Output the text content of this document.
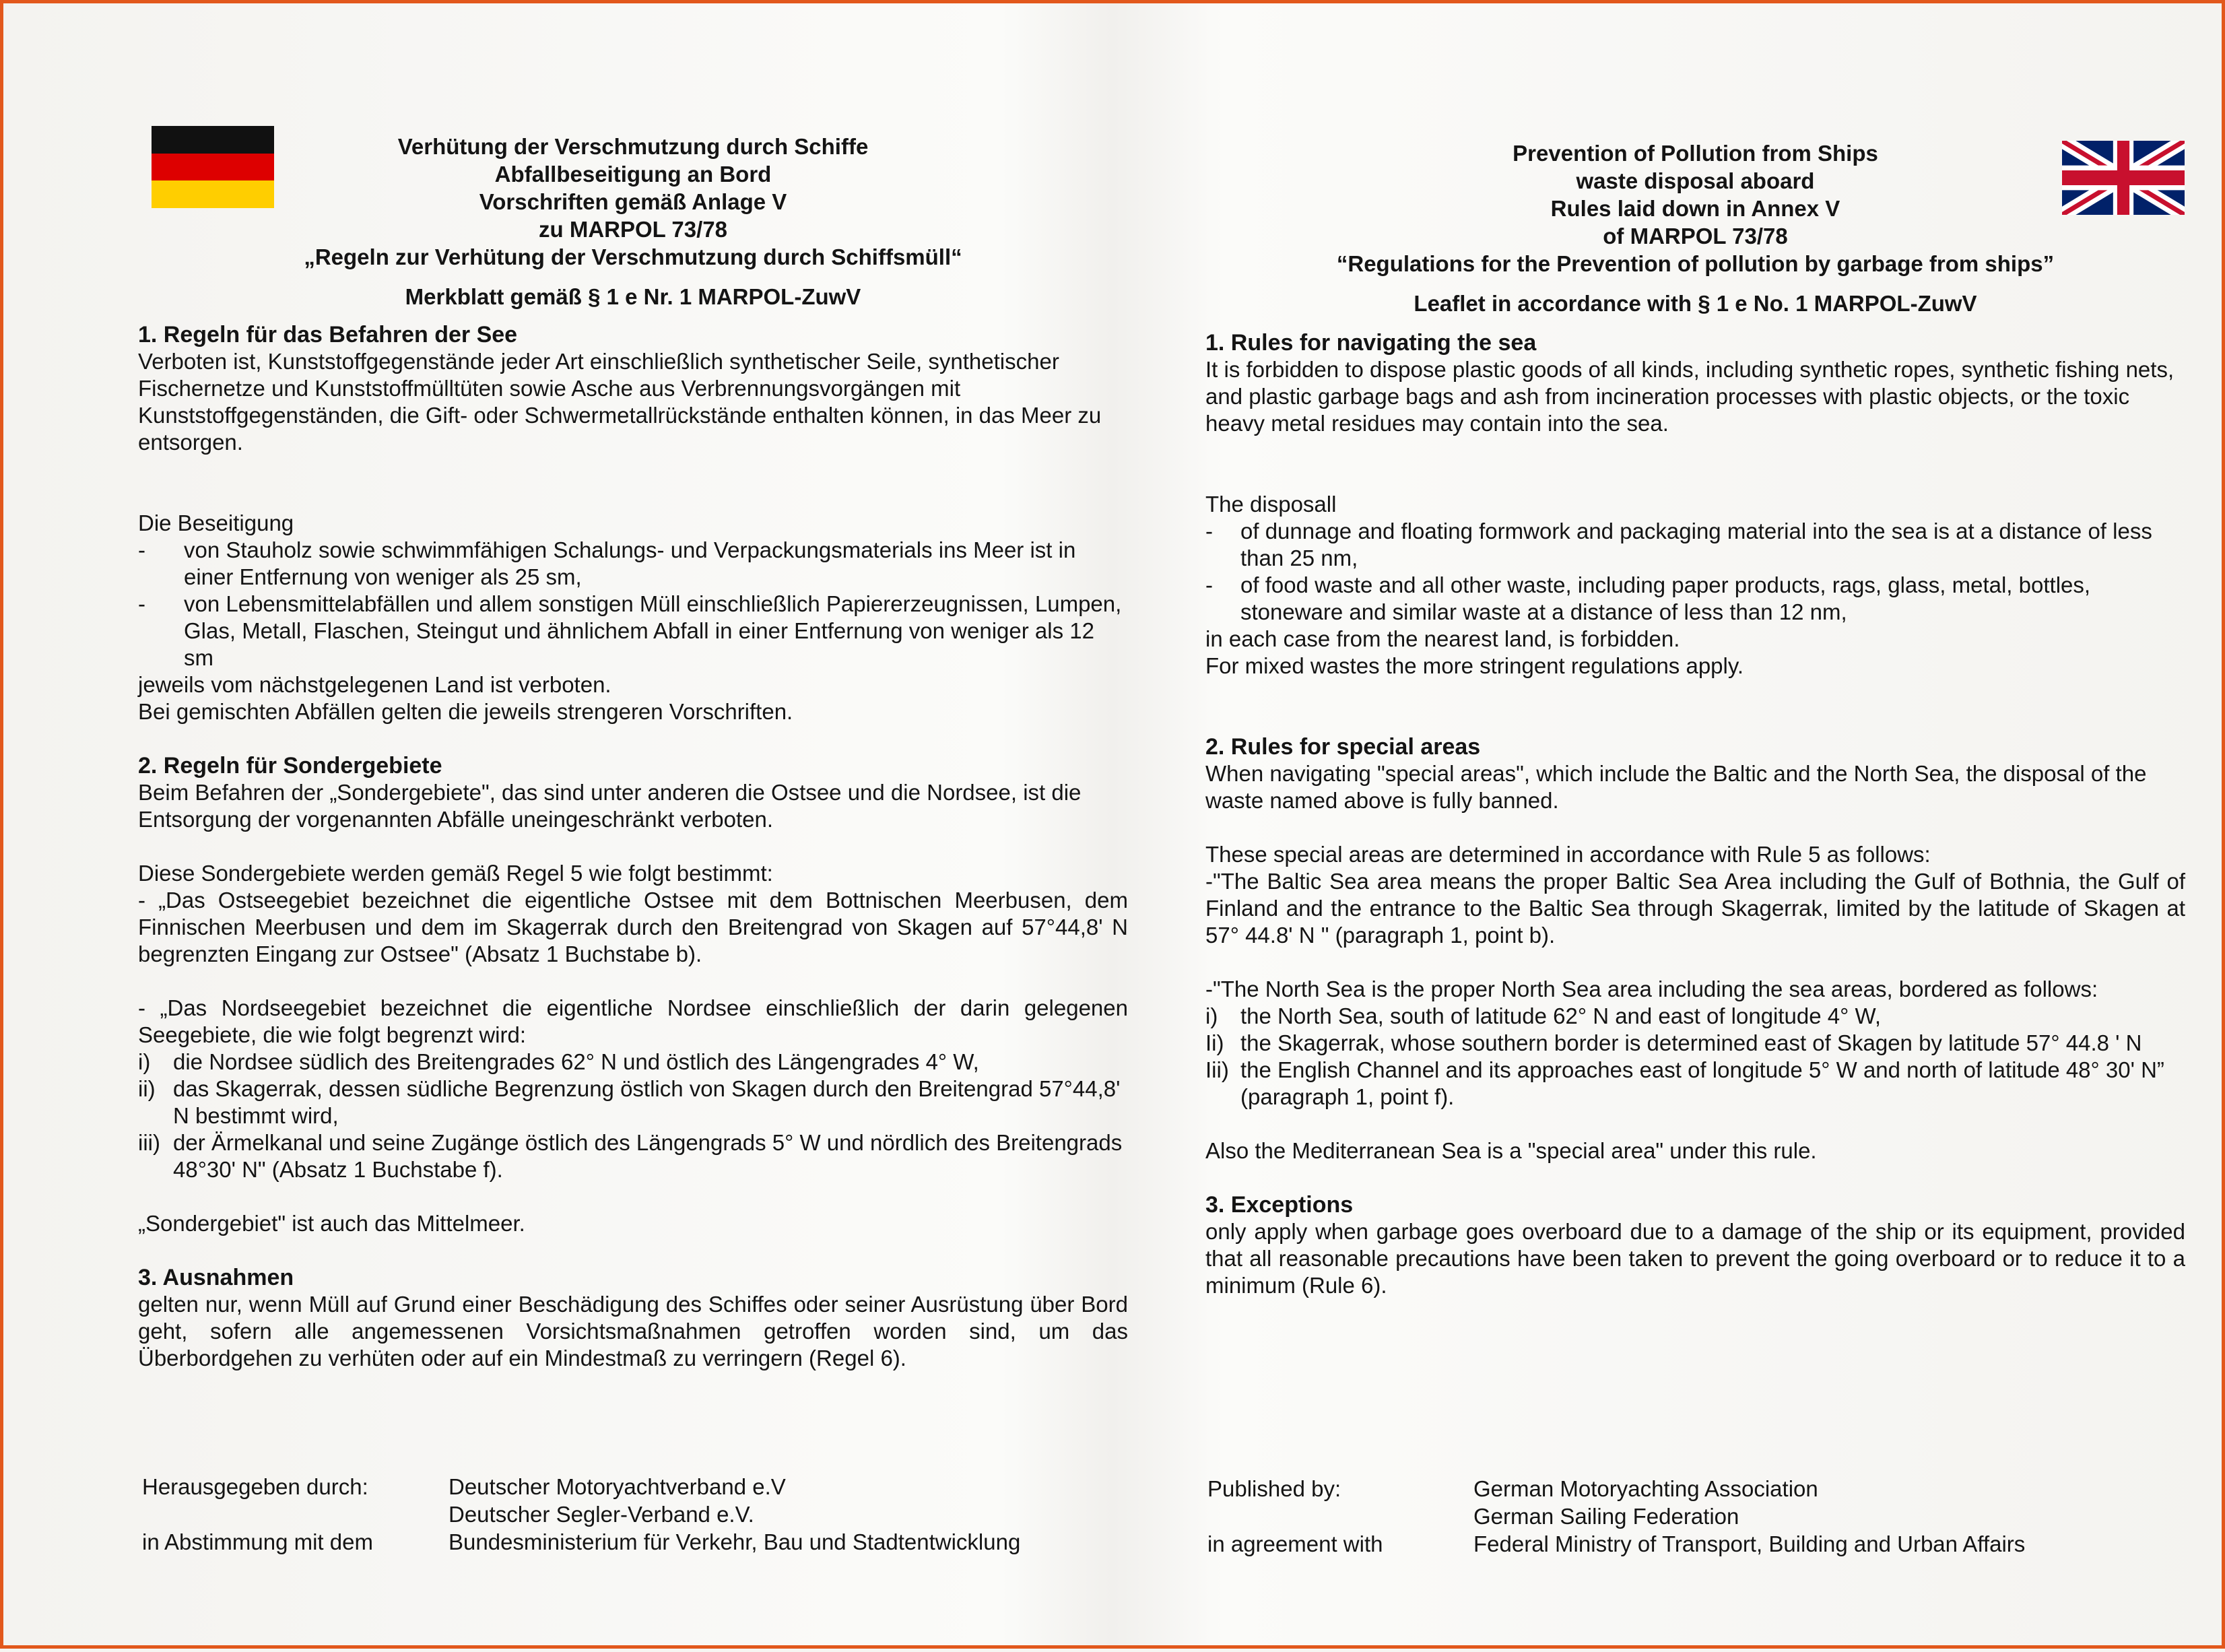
Verhütung der Verschmutzung durch Schiffe

Abfallbeseitigung an Bord

Vorschriften gemäß Anlage V

zu MARPOL 73/78

„Regeln zur Verhütung der Verschmutzung durch Schiffsmüll“

Merkblatt gemäß § 1 e Nr. 1 MARPOL-ZuwV

1. Regeln für das Befahren der See

Verboten ist, Kunststoffgegenstände jeder Art einschließlich synthetischer Seile, synthetischer Fischernetze und Kunststoffmülltüten sowie Asche aus Verbrennungsvorgängen mit Kunststoffgegenständen, die Gift- oder Schwermetallrückstände enthalten können, in das Meer zu entsorgen.

Die Beseitigung

-	von Stauholz sowie schwimmfähigen Schalungs- und Verpackungsmaterials ins Meer ist in einer Entfernung von weniger als 25 sm,
-	von Lebensmittelabfällen und allem sonstigen Müll einschließlich Papiererzeugnissen, Lumpen, Glas, Metall, Flaschen, Steingut und ähnlichem Abfall in einer Entfernung von weniger als 12 sm

jeweils vom nächstgelegenen Land ist verboten.

Bei gemischten Abfällen gelten die jeweils strengeren Vorschriften.

2. Regeln für Sondergebiete

Beim Befahren der „Sondergebiete", das sind unter anderen die Ostsee und die Nordsee, ist die Entsorgung der vorgenannten Abfälle uneingeschränkt verboten.

Diese Sondergebiete werden gemäß Regel 5 wie folgt bestimmt:

- „Das Ostseegebiet bezeichnet die eigentliche Ostsee mit dem Bottnischen Meerbusen, dem Finnischen Meerbusen und dem im Skagerrak durch den Breitengrad von Skagen auf 57°44,8' N begrenzten Eingang zur Ostsee" (Absatz 1 Buchstabe b).

- „Das Nordseegebiet bezeichnet die eigentliche Nordsee einschließlich der darin gelegenen Seegebiete, die wie folgt begrenzt wird:

i)	die Nordsee südlich des Breitengrades 62° N und östlich des Längengrades 4° W,
ii) das Skagerrak, dessen südliche Begrenzung östlich von Skagen durch den Breitengrad 57°44,8' N bestimmt wird,
iii) der Ärmelkanal und seine Zugänge östlich des Längengrads 5° W und nördlich des Breitengrads 48°30' N" (Absatz 1 Buchstabe f).

„Sondergebiet" ist auch das Mittelmeer.

3. Ausnahmen

gelten nur, wenn Müll auf Grund einer Beschädigung des Schiffes oder seiner Ausrüstung über Bord geht, sofern alle angemessenen Vorsichtsmaßnahmen getroffen worden sind, um das Überbordgehen zu verhüten oder auf ein Mindestmaß zu verringern (Regel 6).

Herausgegeben durch:	Deutscher Motoryachtverband e.V
Deutscher Segler-Verband e.V.
in Abstimmung mit dem	Bundesministerium für Verkehr, Bau und Stadtentwicklung

Prevention of Pollution from Ships

waste disposal aboard

Rules laid down in Annex V

of MARPOL 73/78

“Regulations for the Prevention of pollution by garbage from ships”

Leaflet in accordance with § 1 e No. 1 MARPOL-ZuwV

1. Rules for navigating the sea

It is forbidden to dispose plastic goods of all kinds, including synthetic ropes, synthetic fishing nets, and plastic garbage bags and ash from incineration processes with plastic objects, or the toxic heavy metal residues may contain into the sea.

The disposall

-	of dunnage and floating formwork and packaging material into the sea is at a distance of less than 25 nm,
-	of food waste and all other waste, including paper products, rags, glass, metal, bottles, stoneware and similar waste at a distance of less than 12 nm,

in each case from the nearest land, is forbidden.

For mixed wastes the more stringent regulations apply.

2. Rules for special areas

When navigating "special areas", which include the Baltic and the North Sea, the disposal of the waste named above is fully banned.

These special areas are determined in accordance with Rule 5 as follows:

-"The Baltic Sea area means the proper Baltic Sea Area including the Gulf of Bothnia, the Gulf of Finland and the entrance to the Baltic Sea through Skagerrak, limited by the latitude of Skagen at 57° 44.8' N " (paragraph 1, point b).

-"The North Sea is the proper North Sea area including the sea areas, bordered as follows:

i)	the North Sea, south of latitude 62° N and east of longitude 4° W,
Ii) the Skagerrak, whose southern border is determined east of Skagen by latitude 57° 44.8 ' N
Iii) the English Channel and its approaches east of longitude 5° W and north of latitude 48° 30' N” (paragraph 1, point f).

Also the Mediterranean Sea is a "special area" under this rule.

3. Exceptions

only apply when garbage goes overboard due to a damage of the ship or its equipment, provided that all reasonable precautions have been taken to prevent the going overboard or to reduce it to a minimum (Rule 6).

Published by:	German Motoryachting Association
German Sailing Federation
in agreement with	Federal Ministry of Transport, Building and Urban Affairs
